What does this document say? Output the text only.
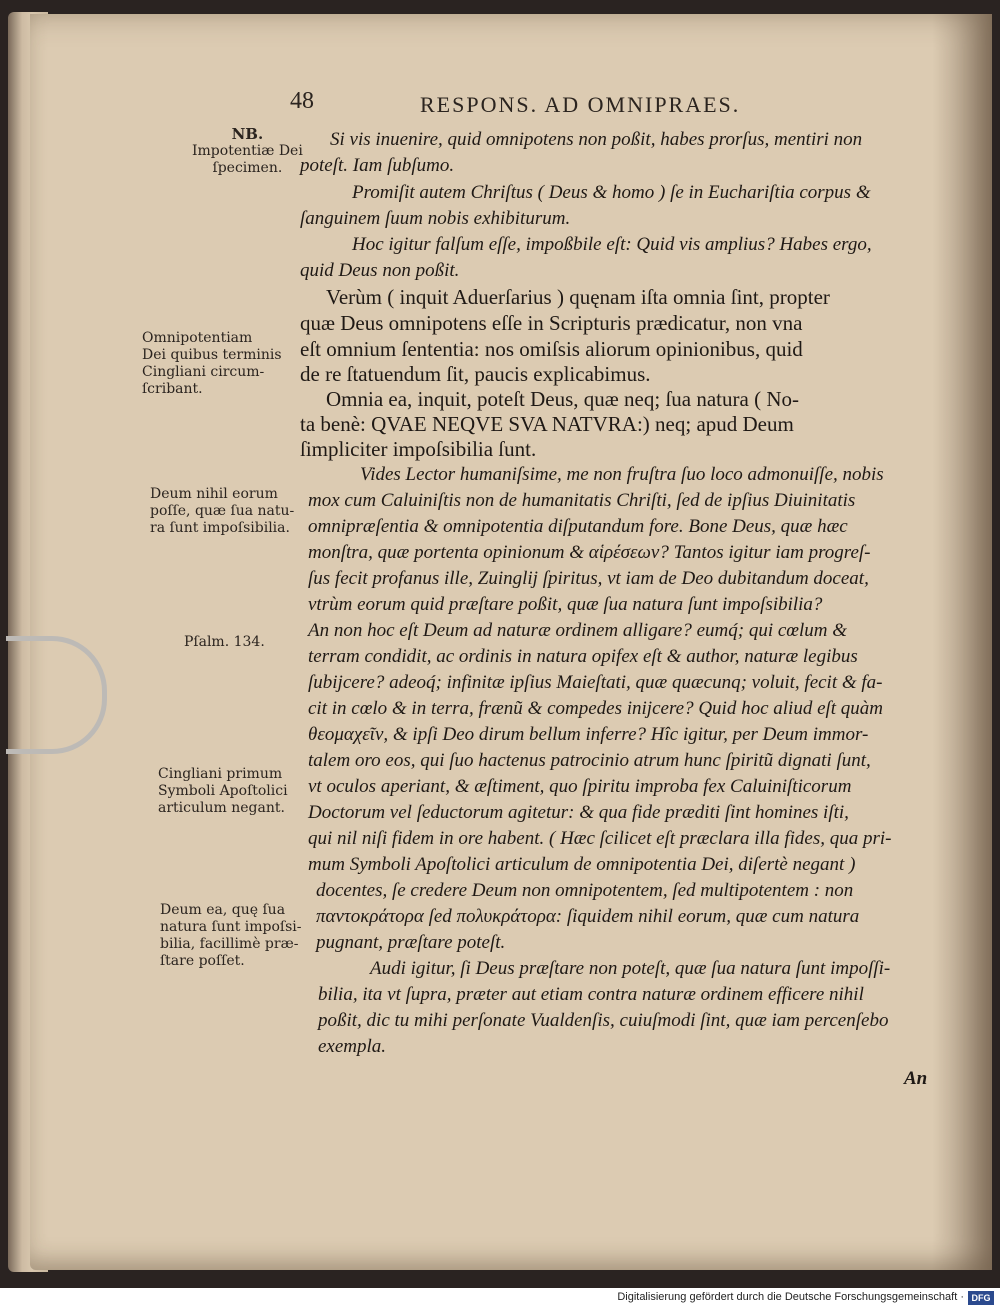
48	RESPONS. AD OMNIPRAES.
NB.
Impotentiæ Dei
ſpecimen.
Omnipotentiam
Dei quibus terminis
Cingliani circum-
ſcribant.
Deum nihil eorum
poſſe, quæ ſua natu-
ra ſunt impoſsibilia.
Pſalm. 134.
Cingliani primum
Symboli Apoſtolici
articulum negant.
Deum ea, quę ſua
natura ſunt impoſsi-
bilia, facillimè præ-
ſtare poſſet.
Si vis inuenire, quid omnipotens non poßit, habes prorſus, mentiri non
poteſt. Iam ſubſumo.
Promiſit autem Chriſtus ( Deus & homo ) ſe in Euchariſtia corpus &
ſanguinem ſuum nobis exhibiturum.
Hoc igitur falſum eſſe, impoßbile eſt: Quid vis amplius? Habes ergo,
quid Deus non poßit.
Verùm ( inquit Aduerſarius ) quęnam iſta omnia ſint, propter
quæ Deus omnipotens eſſe in Scripturis prædicatur, non vna
eſt omnium ſententia: nos omiſsis aliorum opinionibus, quid
de re ſtatuendum ſit, paucis explicabimus.
Omnia ea, inquit, poteſt Deus, quæ neq; ſua natura ( No-
ta benè: QVAE NEQVE SVA NATVRA:) neq; apud Deum
ſimpliciter impoſsibilia ſunt.
Vides Lector humaniſsime, me non fruſtra ſuo loco admonuiſſe, nobis
mox cum Caluiniſtis non de humanitatis Chriſti, ſed de ipſius Diuinitatis
omnipræſentia & omnipotentia diſputandum fore. Bone Deus, quæ hæc
monſtra, quæ portenta opinionum & αἱρέσεων? Tantos igitur iam progreſ-
ſus fecit profanus ille, Zuinglij ſpiritus, vt iam de Deo dubitandum doceat,
vtrùm eorum quid præſtare poßit, quæ ſua natura ſunt impoſsibilia?
An non hoc eſt Deum ad naturæ ordinem alligare? eumq́; qui cœlum &
terram condidit, ac ordinis in natura opifex eſt & author, naturæ legibus
ſubijcere? adeoq́; infinitæ ipſius Maieſtati, quæ quæcunq; voluit, fecit & fa-
cit in cœlo & in terra, frænũ & compedes inijcere? Quid hoc aliud eſt quàm
θεομαχεῖν, & ipſi Deo dirum bellum inferre? Hîc igitur, per Deum immor-
talem oro eos, qui ſuo hactenus patrocinio atrum hunc ſpiritũ dignati ſunt,
vt oculos aperiant, & æſtiment, quo ſpiritu improba fex Caluiniſticorum
Doctorum vel ſeductorum agitetur: & qua fide præditi ſint homines iſti,
qui nil niſi fidem in ore habent. ( Hæc ſcilicet eſt præclara illa fides, qua pri-
mum Symboli Apoſtolici articulum de omnipotentia Dei, diſertè negant )
docentes, ſe credere Deum non omnipotentem, ſed multipotentem : non
παντοκράτορα ſed πολυκράτορα: ſiquidem nihil eorum, quæ cum natura
pugnant, præſtare poteſt.
Audi igitur, ſi Deus præſtare non poteſt, quæ ſua natura ſunt impoſſi-
bilia, ita vt ſupra, præter aut etiam contra naturæ ordinem efficere nihil
poßit, dic tu mihi perſonate Vualdenſis, cuiuſmodi ſint, quæ iam percenſebo
exempla.
An
Digitalisierung gefördert durch die Deutsche Forschungsgemeinschaft · DFG
